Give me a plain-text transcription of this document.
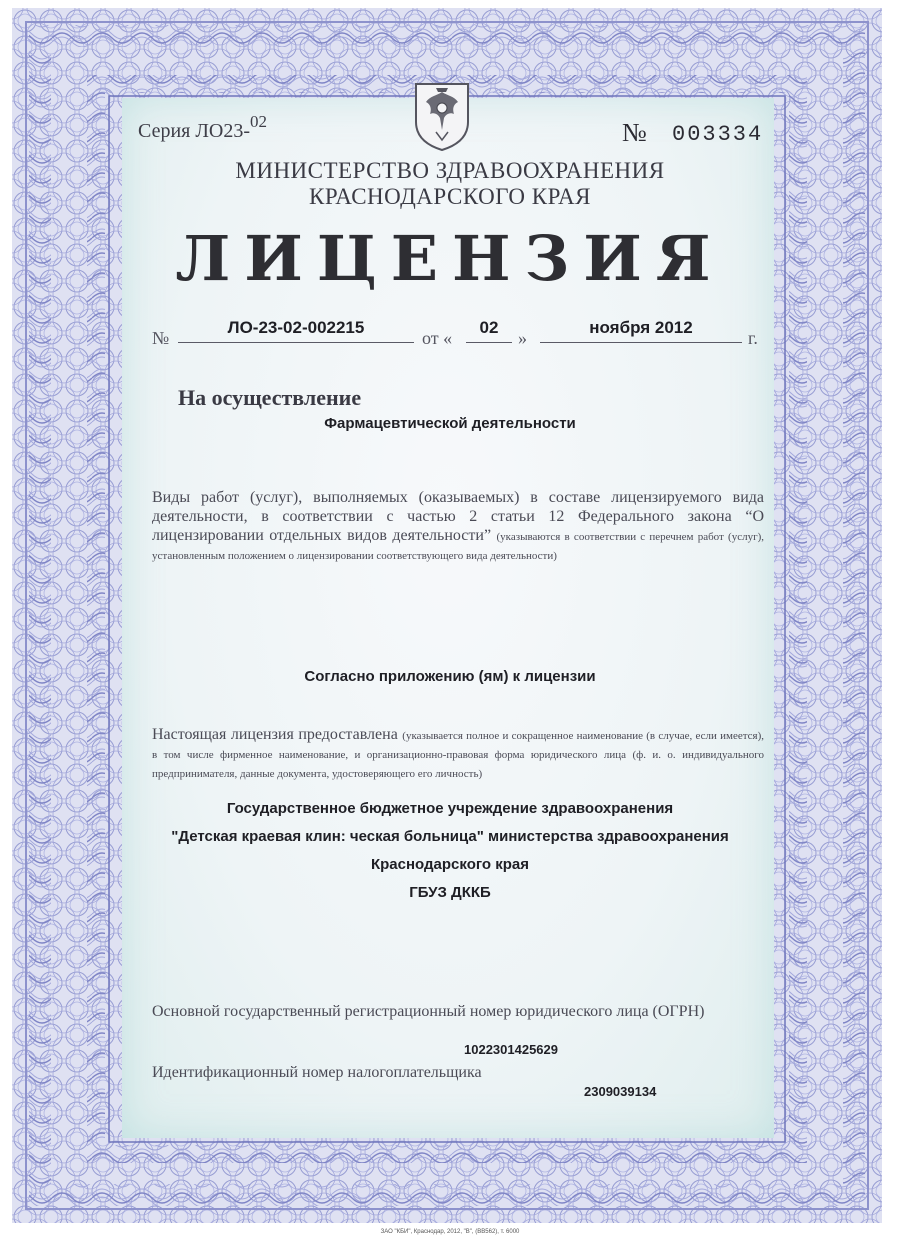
Серия ЛО23-$^{02}$	№ 003334
МИНИСТЕРСТВО ЗДРАВООХРАНЕНИЯ
КРАСНОДАРСКОГО КРАЯ
ЛИЦЕНЗИЯ
№
ЛО-23-02-002215
от «
02
»
ноября 2012
г.
На осуществление
Фармацевтической деятельности
Виды работ (услуг), выполняемых (оказываемых) в составе лицензируемого вида деятельности, в соответствии с частью 2 статьи 12 Федерального закона “О лицензировании отдельных видов деятельности” (указываются в соответствии с перечнем работ (услуг), установленным положением о лицензировании соответствующего вида деятельности)
Согласно приложению (ям) к лицензии
Настоящая лицензия предоставлена (указывается полное и сокращенное наименование (в случае, если имеется), в том числе фирменное наименование, и организационно-правовая форма юридического лица (ф. и. о. индивидуального предпринимателя, данные документа, удостоверяющего его личность)
Государственное бюджетное учреждение здравоохранения
"Детская краевая клин: ческая больница" министерства здравоохранения
Краснодарского края
ГБУЗ ДККБ
Основной государственный регистрационный номер юридического лица (ОГРН)
1022301425629
Идентификационный номер налогоплательщика
2309039134
ЗАО "КБИ", Краснодар, 2012, "В", (ВВ562), т. 6000
